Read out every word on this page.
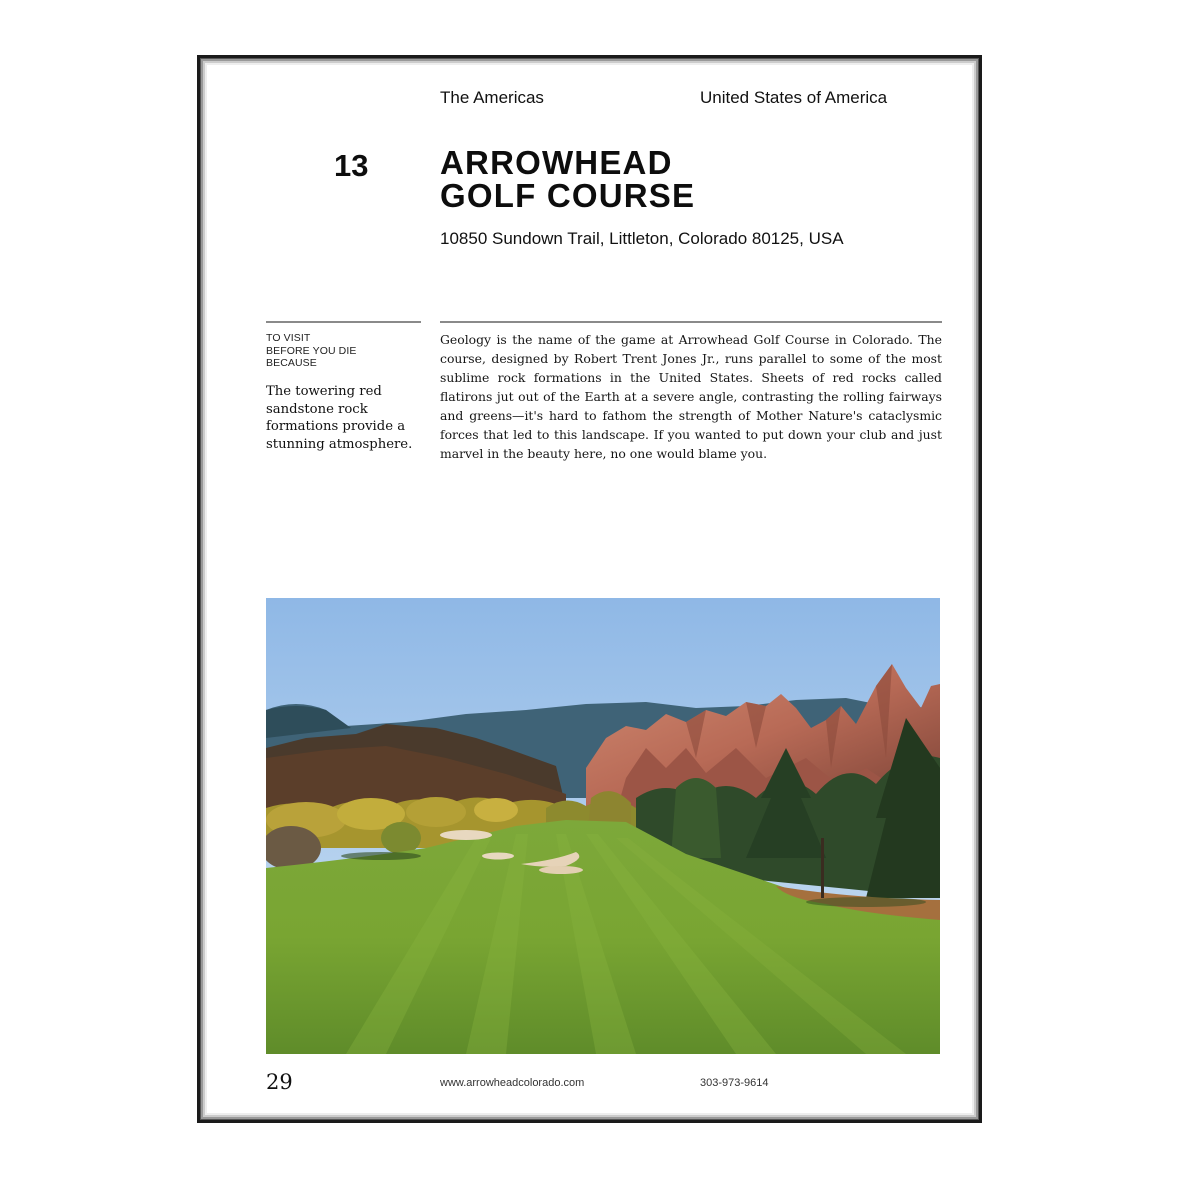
The Americas	United States of America
13 ARROWHEAD
GOLF COURSE
10850 Sundown Trail, Littleton, Colorado 80125, USA
TO VISIT
BEFORE YOU DIE
BECAUSE
The towering red sandstone rock formations provide a stunning atmosphere.
Geology is the name of the game at Arrowhead Golf Course in Colorado. The course, designed by Robert Trent Jones Jr., runs parallel to some of the most sublime rock formations in the United States. Sheets of red rocks called flatirons jut out of the Earth at a severe angle, contrasting the rolling fairways and greens—it's hard to fathom the strength of Mother Nature's cataclysmic forces that led to this landscape. If you wanted to put down your club and just marvel in the beauty here, no one would blame you.
29	www.arrowheadcolorado.com	303-973-9614
